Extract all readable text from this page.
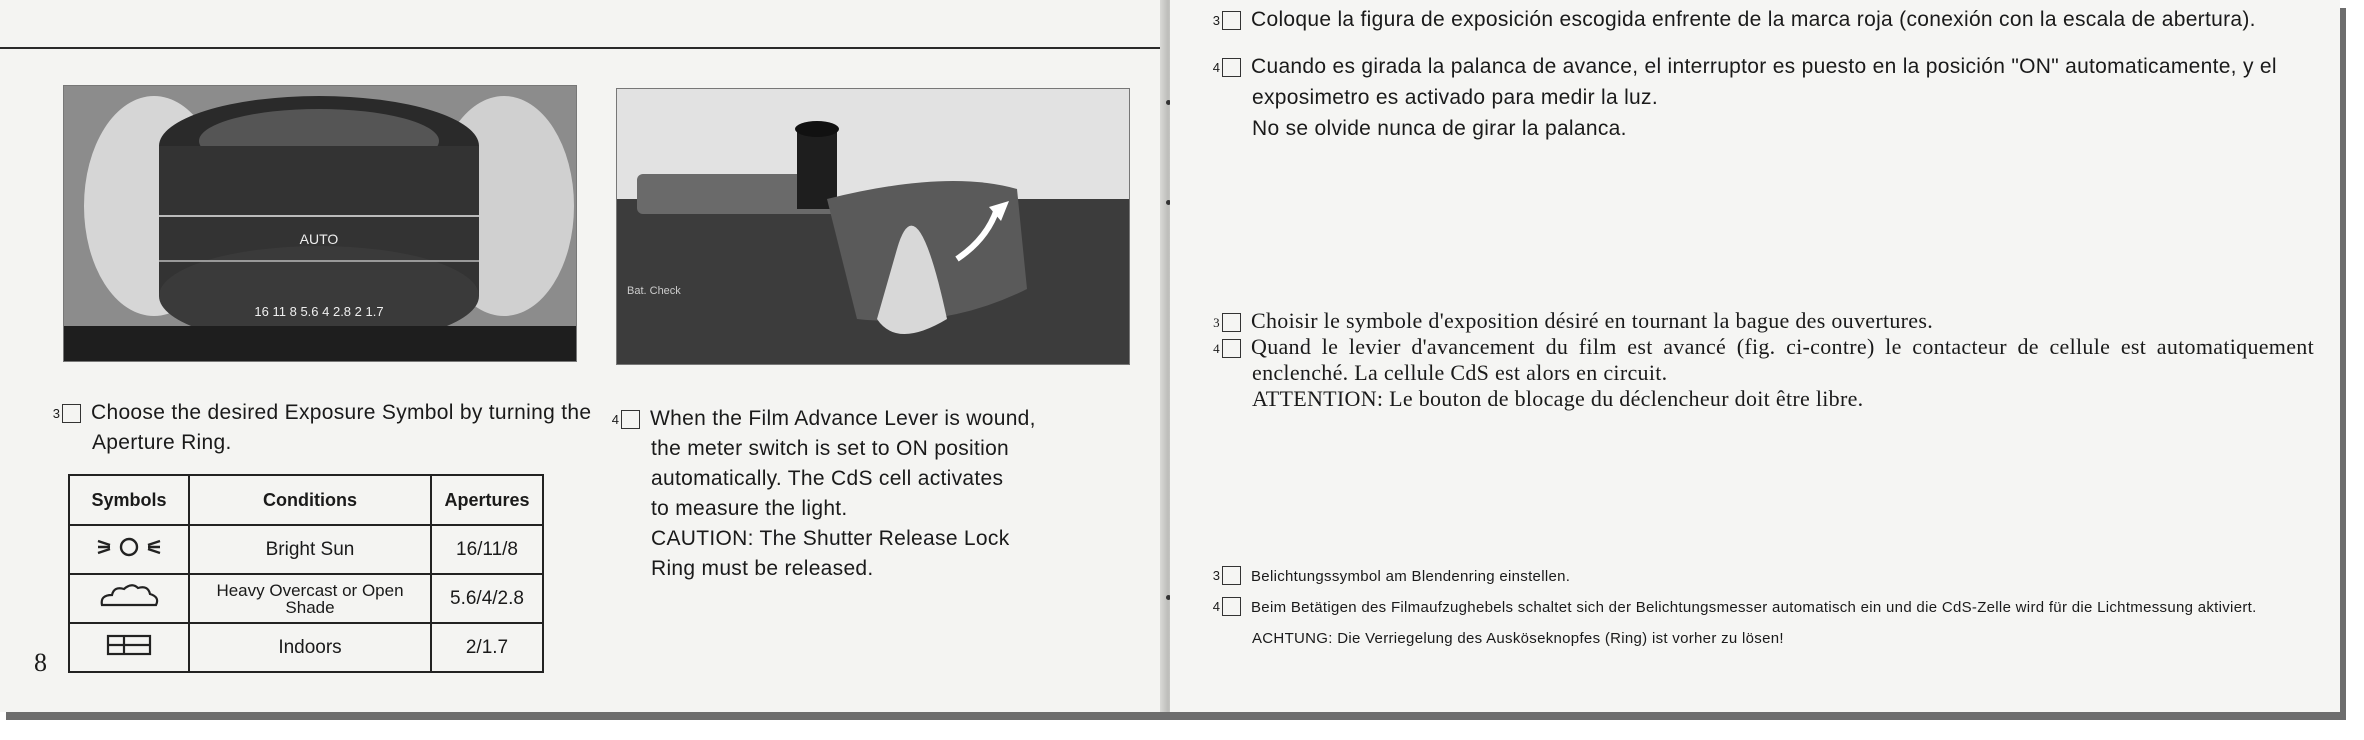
AUTO
16 11 8 5.6 4 2.8 2 1.7
Bat. Check
3 Choose the desired Exposure Symbol by turning the Aperture Ring.
Symbols	Conditions	Apertures
	Bright Sun	16/11/8
	Heavy Overcast or Open Shade	5.6/4/2.8
	Indoors	2/1.7
4 When the Film Advance Lever is wound,
the meter switch is set to ON position
automatically. The CdS cell activates
to measure the light.
CAUTION: The Shutter Release Lock
Ring must be released.
8
3 Coloque la figura de exposición escogida enfrente de la marca roja (conexión con la escala de abertura).
4 Cuando es girada la palanca de avance, el interruptor es puesto en la posición "ON" automaticamente, y el exposimetro es activado para medir la luz.
No se olvide nunca de girar la palanca.
3 Choisir le symbole d'exposition désiré en tournant la bague des ouvertures.
4 Quand le levier d'avancement du film est avancé (fig. ci-contre) le contacteur de cellule est automatiquement enclenché. La cellule CdS est alors en circuit.
ATTENTION: Le bouton de blocage du déclencheur doit être libre.
3 Belichtungssymbol am Blendenring einstellen.
4 Beim Betätigen des Filmaufzughebels schaltet sich der Belichtungsmesser automatisch ein und die CdS-Zelle wird für die Lichtmessung aktiviert.
ACHTUNG: Die Verriegelung des Ausköseknopfes (Ring) ist vorher zu lösen!
